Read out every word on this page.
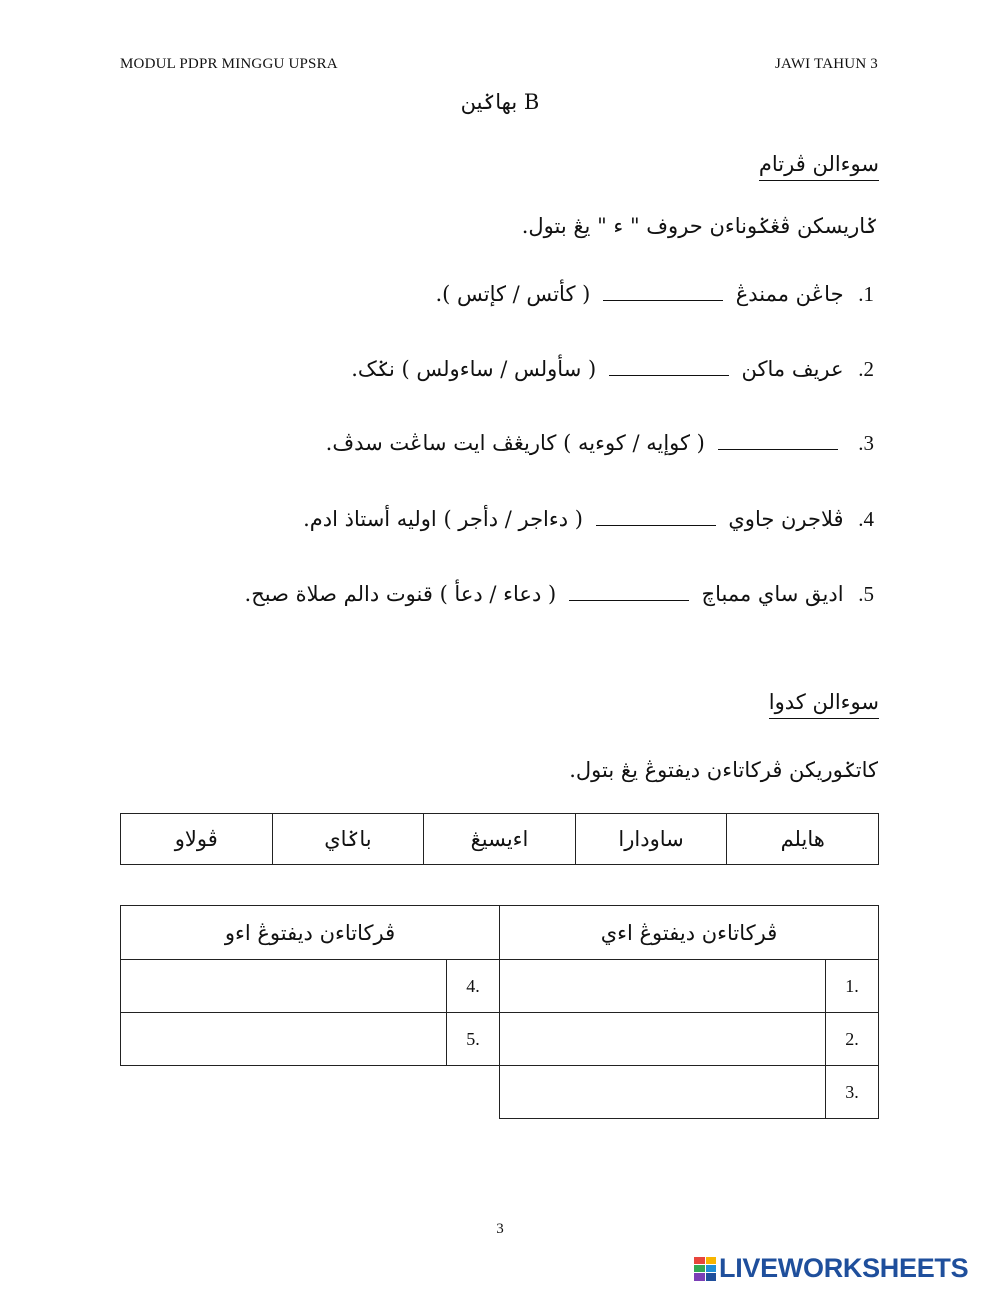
MODUL PDPR MINGGU UPSRA	JAWI TAHUN 3
بهاݢين B
سوءالن ڤرتام
ݢاريسکن ڤڠݢوناءن حروف " ء " يڠ بتول.
1. جاڠن ممندڠ  ( كأتس / كإتس ).
2. عريف ماكن  ( سأولس / ساءولس ) نݢک.
3.  ( كوإيه / كوءيه ) كاريڠڤ ايت ساڠت سدڤ.
4. ڤلاجرن جاوي  ( دءاجر / دأجر ) اوليه أستاذ ادم.
5. اديق ساي ممباچ  ( دعاء / دعأ ) قنوت دالم صلاة صبح.
سوءالن كدوا
كاتݢوريكن ڤرکاتاءن ديفتوڠ يڠ بتول.
ڤولاو	باݢاي	اءيسيڠ	ساودارا	هايلم
ڤرکاتاءن ديفتوڠ اءي	
	1.
	2.
	3.
ڤرکاتاءن ديفتوڠ اءو	
	4.
	5.
3
LIVEWORKSHEETS
